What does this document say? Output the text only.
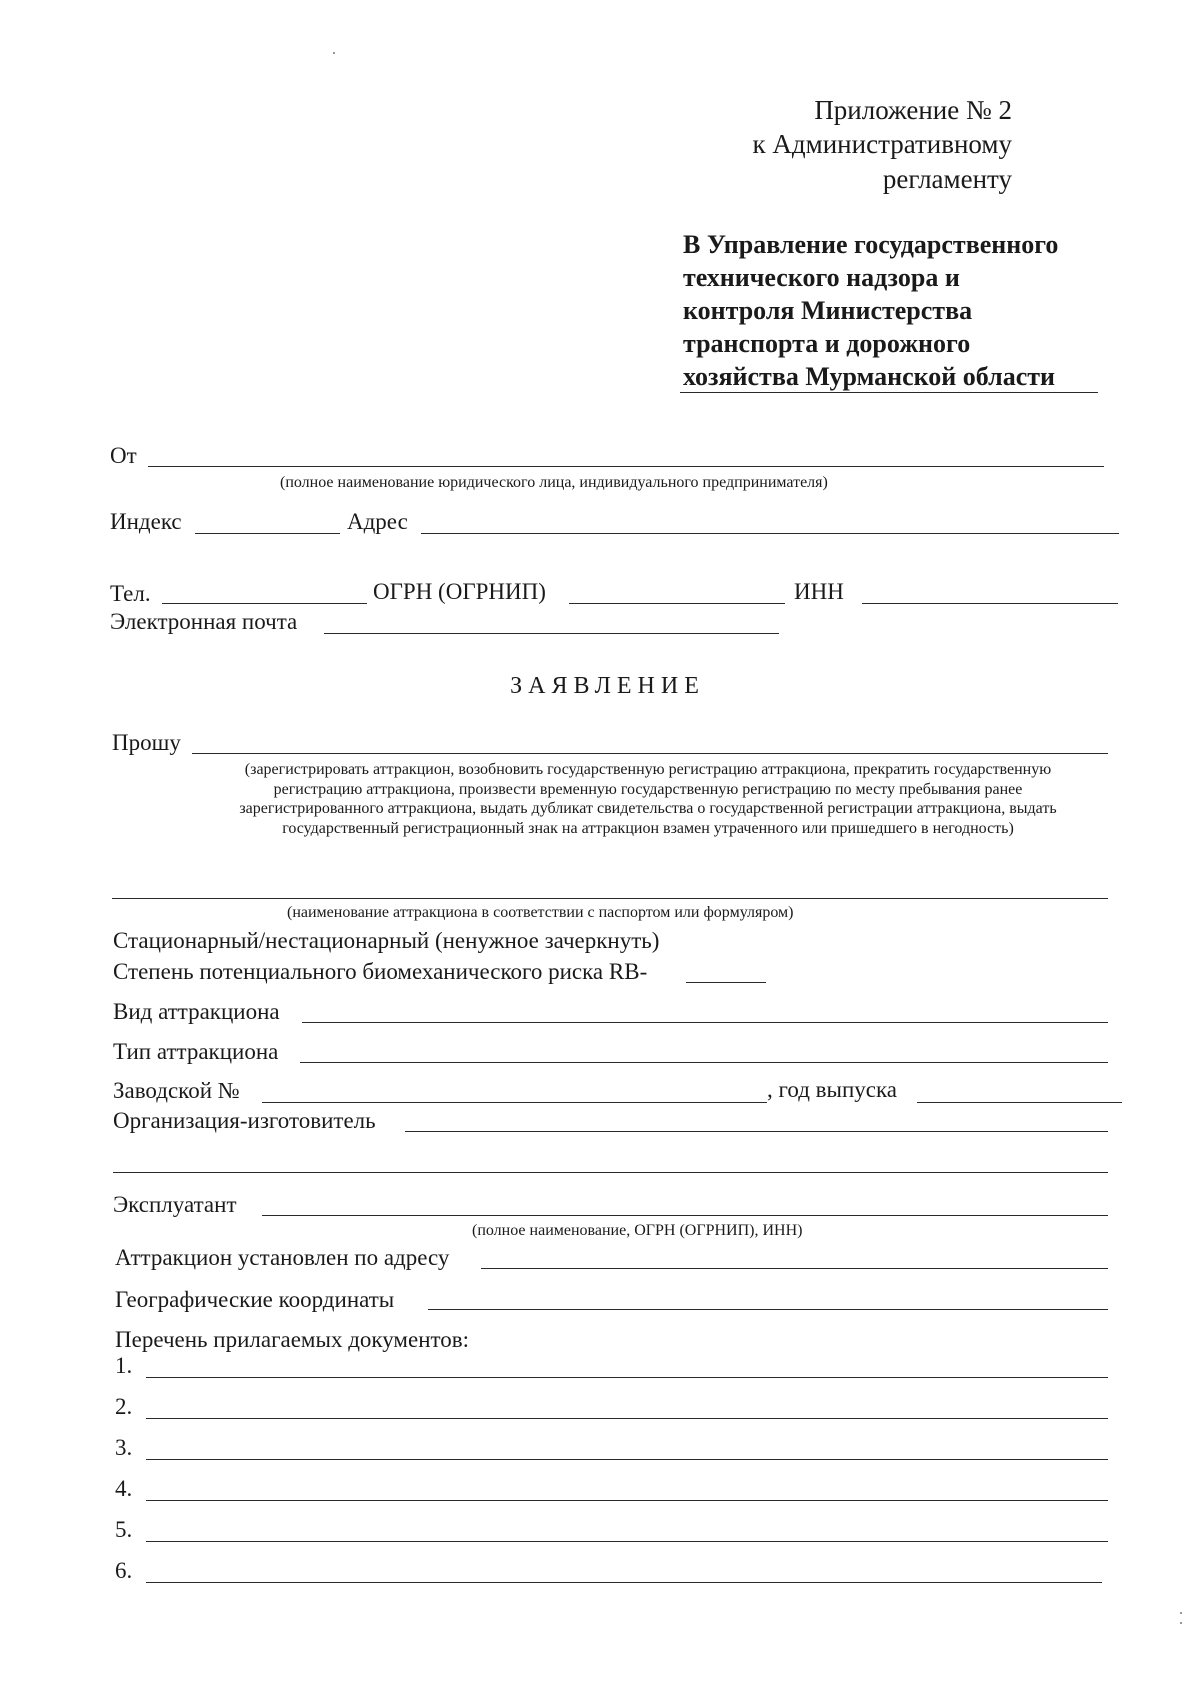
Приложение № 2
к Административному
регламенту
В Управление государственного
технического надзора и
контроля Министерства
транспорта и дорожного
хозяйства Мурманской области
От
(полное наименование юридического лица, индивидуального предпринимателя)
Индекс	Адрес
Тел.	ОГРН (ОГРНИП)	ИНН
Электронная почта
ЗАЯВЛЕНИЕ
Прошу
(зарегистрировать аттракцион, возобновить государственную регистрацию аттракциона, прекратить государственную регистрацию аттракциона, произвести временную государственную регистрацию по месту пребывания ранее зарегистрированного аттракциона, выдать дубликат свидетельства о государственной регистрации аттракциона, выдать государственный регистрационный знак на аттракцион взамен утраченного или пришедшего в негодность)
(наименование аттракциона в соответствии с паспортом или формуляром)
Стационарный/нестационарный (ненужное зачеркнуть)
Степень потенциального биомеханического риска RB-
Вид аттракциона
Тип аттракциона
Заводской №	, год выпуска
Организация-изготовитель
Эксплуатант
(полное наименование, ОГРН (ОГРНИП), ИНН)
Аттракцион установлен по адресу
Географические координаты
Перечень прилагаемых документов:
1.
2.
3.
4.
5.
6.
